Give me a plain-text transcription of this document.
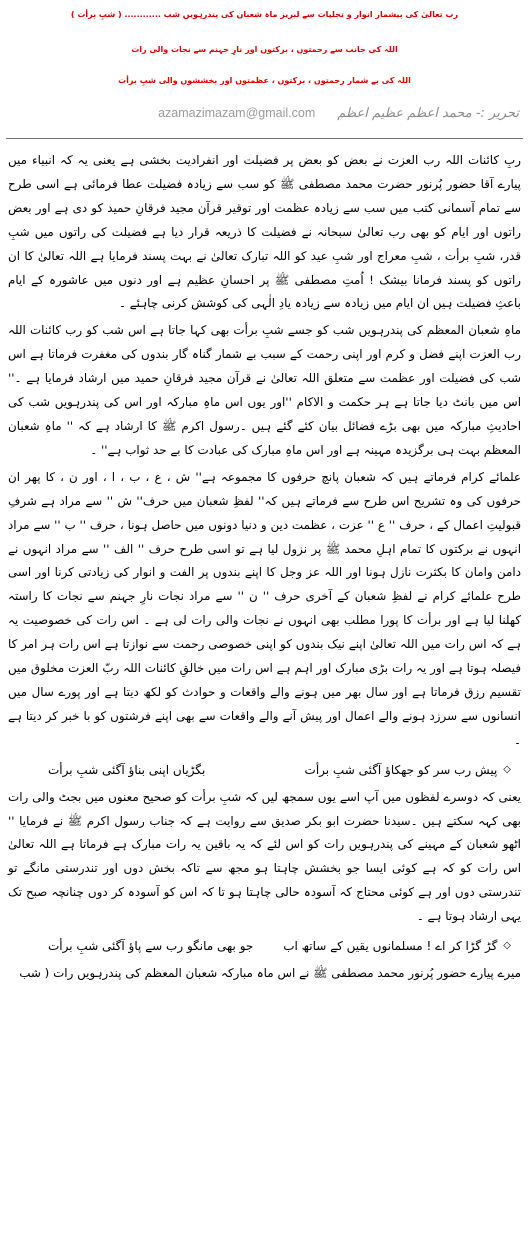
رب تعالیٰ کی بیشمار انوار و تجلیات سے لبریز ماہ شعبان کی پندرہویں شب ............ ( شبِ برأت )
اللہ کی جانب سے رحمتوں ، برکتوں اور نارِ جہنم سے نجات والی رات
اللہ کی بے شمار رحمتوں ، برکتوں ، عظمتوں اور بخششوں والی شبِ برأت
تحریر :- محمد اعظم عظیم اعظم
azamazimazam@gmail.com

ربِ کائنات اللہ رب العزت نے بعض کو بعض پر فضیلت اور انفرادیت بخشی ہے یعنی یہ کہ انبیاء میں پیارے آقا حضور پُرنور حضرت محمد مصطفی ﷺ کو سب سے زیادہ فضیلت عطا فرمائی ہے اسی طرح سے تمام آسمانی کتب میں سب سے زیادہ عظمت اور توقیر قرآن مجید فرقانِ حمید کو دی ہے اور بعض راتوں اور ایام کو بھی رب تعالیٰ سبحانہ نے فضیلت کا ذریعہ قرار دیا ہے فضیلت کی راتوں میں شبِ قدر، شبِ برأت ، شبِ معراج اور شبِ عید کو اللہ تبارک تعالیٰ نے بہت پسند فرمایا ہے اللہ تعالیٰ کا ان راتوں کو پسند فرمانا بیشک ! اُمتِ مصطفی ﷺ پر احسانِ عظیم ہے اور دنوں میں عاشورہ کے ایام باعثِ فضیلت ہیں ان ایام میں زیادہ سے زیادہ یادِ الٰہی کی کوشش کرنی چاہئے ۔

ماہِ شعبان المعظم کی پندرہویں شب کو جسے شبِ برأت بھی کہا جاتا ہے اس شب کو رب کائنات اللہ رب العزت اپنے فضل و کرم اور اپنی رحمت کے سبب بے شمار گناہ گار بندوں کی مغفرت فرماتا ہے اس شب کی فضیلت اور عظمت سے متعلق اللہ تعالیٰ نے قرآن مجید فرقانِ حمید میں ارشاد فرمایا ہے ۔'' اس میں بانٹ دیا جاتا ہے ہر حکمت و الاکام ''اور یوں اس ماہِ مبارکہ اور اس کی پندرہویں شب کی احادیثِ مبارکہ میں بھی بڑے فضائل بیان کئے گئے ہیں ۔رسول اکرم ﷺ کا ارشاد ہے کہ '' ماہِ شعبان المعظم بہت ہی برگزیدہ مہینہ ہے اور اس ماہِ مبارک کی عبادت کا بے حد ثواب ہے'' ۔

علمائے کرام فرماتے ہیں کہ شعبان پانچ حرفوں کا مجموعہ ہے'' ش ، ع ، ب ، ا ، اور ن ، کا پھر ان حرفوں کی وہ تشریح اس طرح سے فرماتے ہیں کہ'' لفظِ شعبان میں حرف'' ش '' سے مراد ہے شرفِ قبولیتِ اعمال کے ، حرف '' ع '' عزت ، عظمت دین و دنیا دونوں میں حاصل ہونا ، حرف '' ب '' سے مراد انہوں نے برکتوں کا تمام اہلِ محمد ﷺ پر نزول لیا ہے تو اسی طرح حرف '' الف '' سے مراد انہوں نے دامن وامان کا بکثرت نازل ہونا اور اللہ عز وجل کا اپنے بندوں پر الفت و انوار کی زیادتی کرنا اور اسی طرح علمائے کرام نے لفظِ شعبان کے آخری حرف '' ن '' سے مراد نجات نارِ جہنم سے نجات کا راستہ کھلنا لیا ہے اور برأت کا پورا مطلب بھی انہوں نے نجات والی رات لی ہے ۔ اس رات کی خصوصیت یہ ہے کہ اس رات میں اللہ تعالیٰ اپنے نیک بندوں کو اپنی خصوصی رحمت سے نوازتا ہے اس رات ہر امر کا فیصلہ ہوتا ہے اور یہ رات بڑی مبارک اور اہم ہے اس رات میں خالقِ کائنات اللہ ربّ العزت مخلوق میں تقسیم رزق فرماتا ہے اور سال بھر میں ہونے والے واقعات و حوادث کو لکھ دیتا ہے اور پورے سال میں انسانوں سے سرزد ہونے والے اعمال اور پیش آنے والے واقعات سے بھی اپنے فرشتوں کو با خبر کر دیتا ہے ۔

◇
پیش رب سر کو جھکاؤ آگئی شبِ برأت
بگڑیاں اپنی بناؤ آگئی شبِ برأت

یعنی کہ دوسرے لفظوں میں آپ اسے یوں سمجھ لیں کہ شبِ برأت کو صحیح معنوں میں بجٹ والی رات بھی کہہ سکتے ہیں ۔سیدنا حضرت ابو بکر صدیق سے روایت ہے کہ جناب رسول اکرم ﷺ نے فرمایا '' اٹھو شعبان کے مہینے کی پندرہویں رات کو اس لئے کہ یہ باقین یہ رات مبارک ہے فرماتا ہے اللہ تعالیٰ اس رات کو کہ ہے کوئی ایسا جو بخشش چاہتا ہو مجھ سے تاکہ بخش دوں اور تندرستی مانگے تو تندرستی دوں اور ہے کوئی محتاج کہ آسودہ حالی چاہتا ہو تا کہ اس کو آسودہ کر دوں چنانچہ صبح تک یہی ارشاد ہوتا ہے ۔

◇
گڑ گڑا کر اے ! مسلمانوں یقیں کے ساتھ اب
جو بھی مانگو رب سے پاؤ آگئی شبِ برأت

میرے پیارے حضور پُرنور محمد مصطفی ﷺ نے اس ماہ مبارکہ شعبان المعظم کی پندرہویں رات ( شب
